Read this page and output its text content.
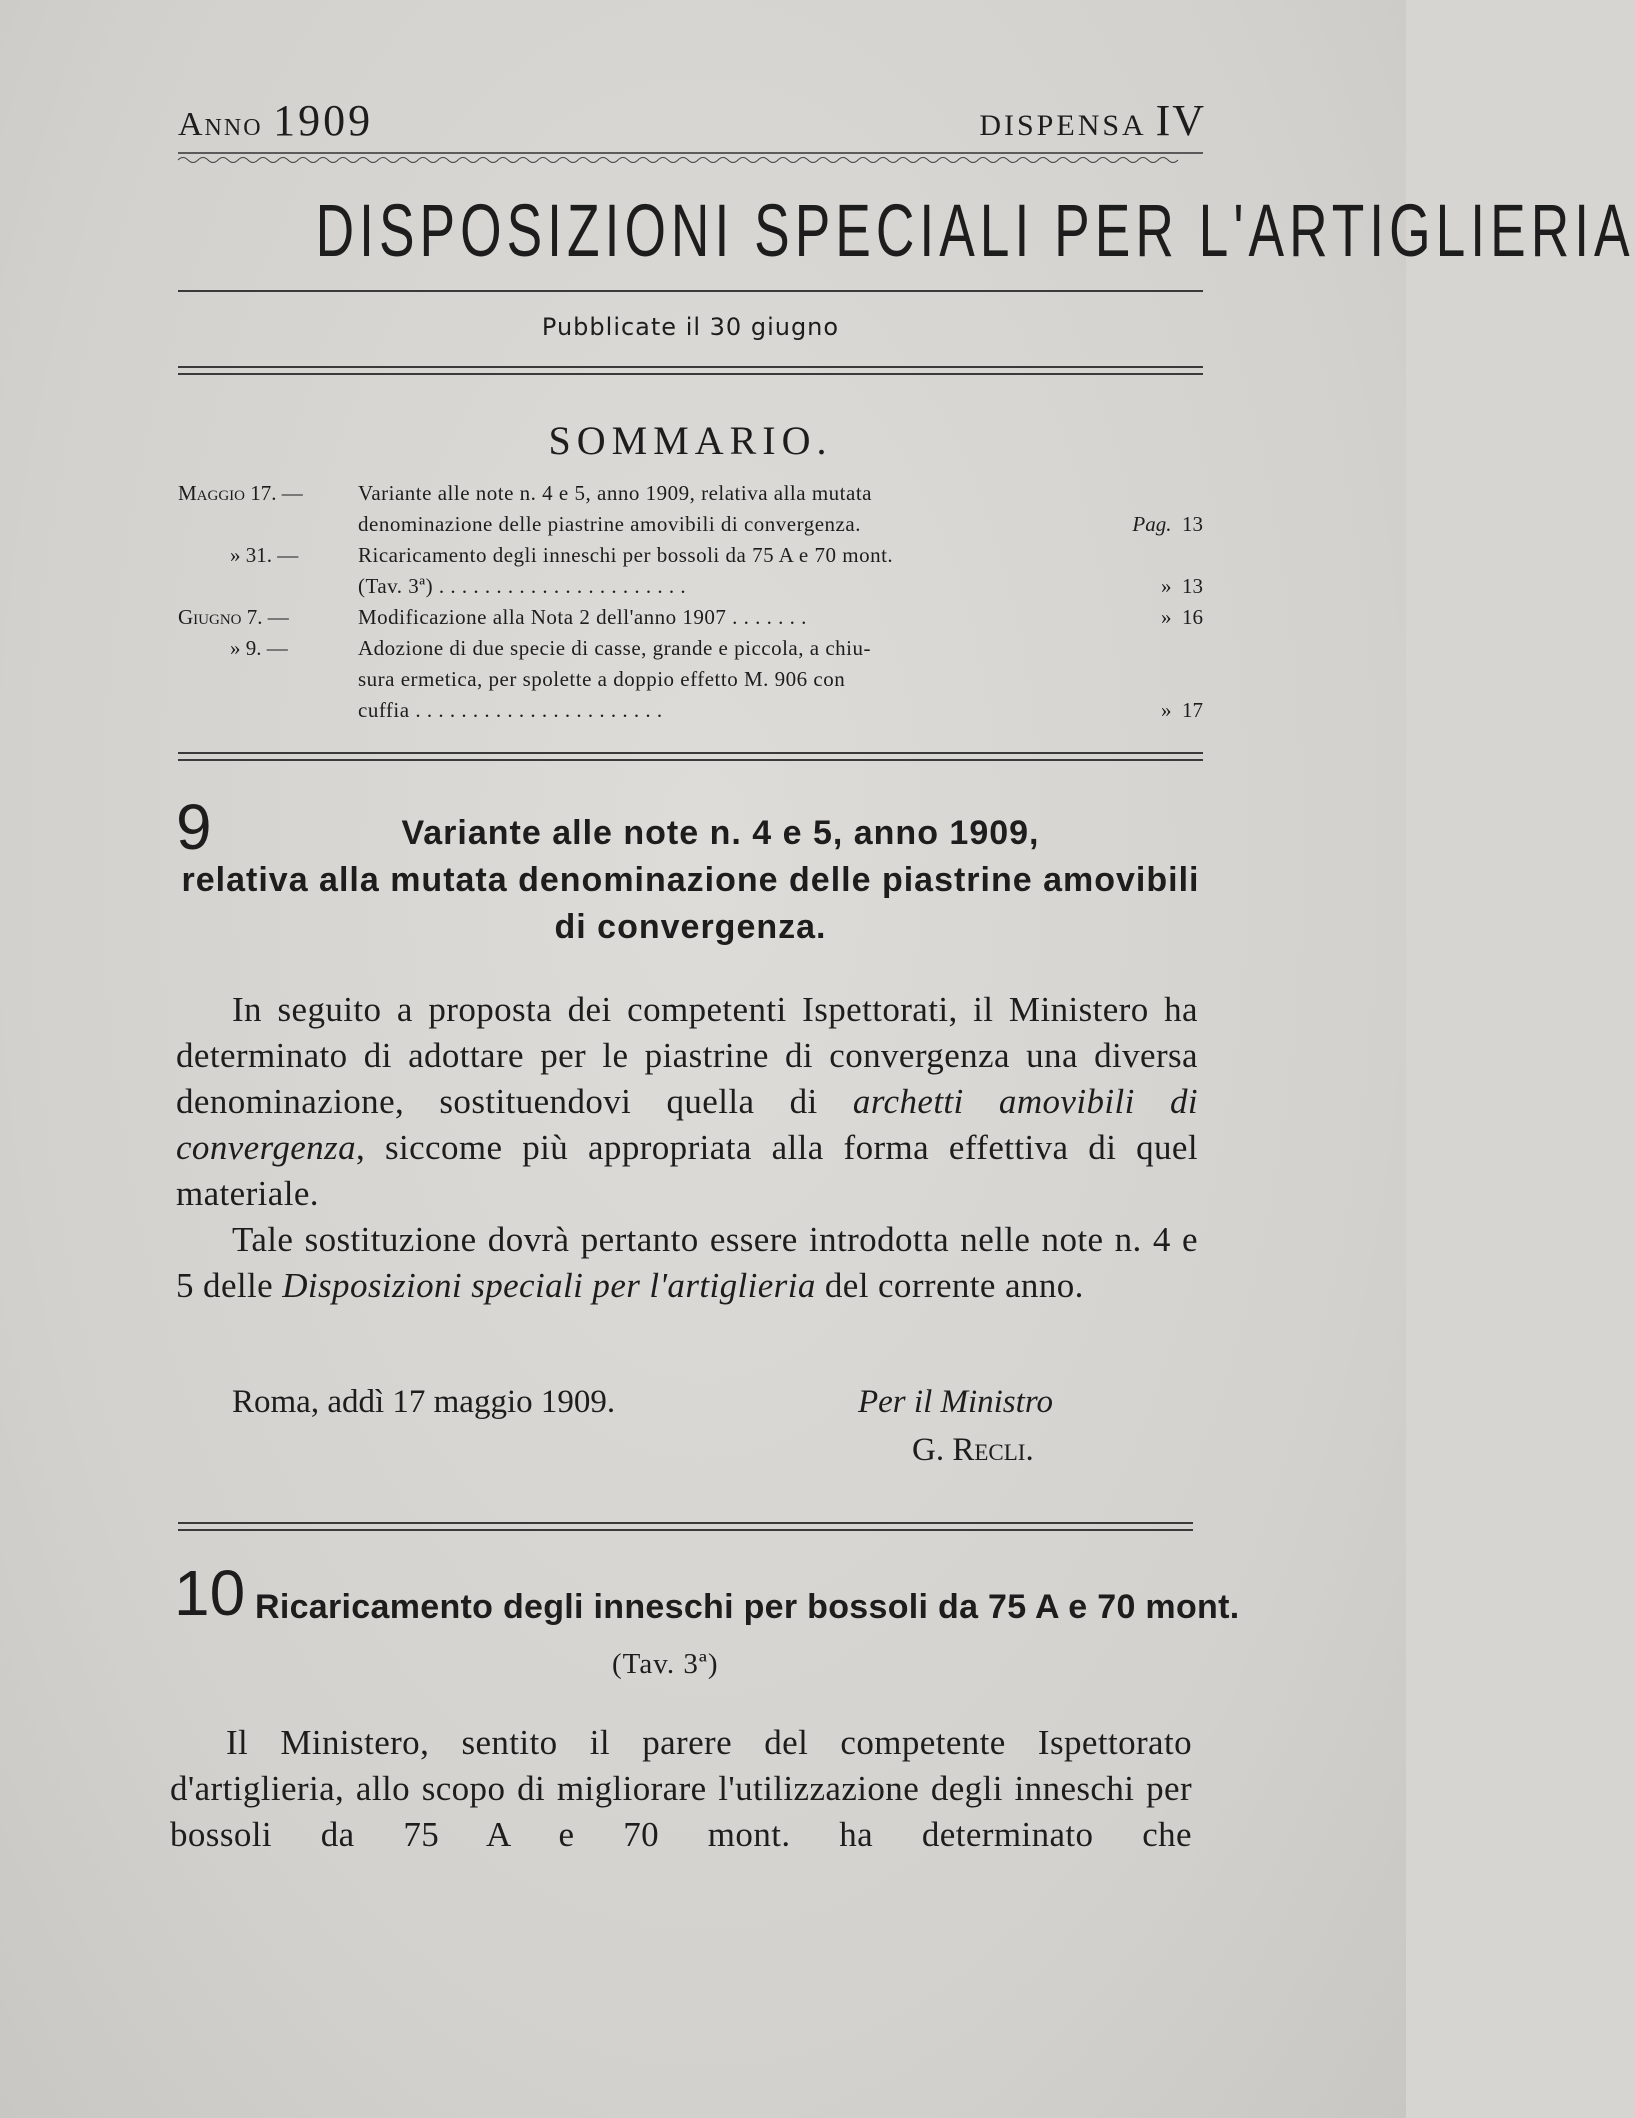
Anno 1909	DISPENSA IV
DISPOSIZIONI SPECIALI PER L'ARTIGLIERIA
Pubblicate il 30 giugno
SOMMARIO.
Maggio 17. —	Variante alle note n. 4 e 5, anno 1909, relativa alla mutata
denominazione delle piastrine amovibili di convergenza.	Pag. 13
» 31. —	Ricaricamento degli inneschi per bossoli da 75 A e 70 mont.
(Tav. 3ª) . . . . . . . . . . . . . . . . . . . . . .	» 13
Giugno 7. —	Modificazione alla Nota 2 dell'anno 1907 . . . . . . .	» 16
» 9. —	Adozione di due specie di casse, grande e piccola, a chiu-
sura ermetica, per spolette a doppio effetto M. 906 con
cuffia . . . . . . . . . . . . . . . . . . . . . .	» 17
9	Variante alle note n. 4 e 5, anno 1909,
relativa alla mutata denominazione delle piastrine amovibili
di convergenza.

In seguito a proposta dei competenti Ispettorati, il Ministero ha determinato di adottare per le piastrine di convergenza una diversa denominazione, sostituendovi quella di archetti amovibili di convergenza, siccome più appropriata alla forma effettiva di quel materiale.

Tale sostituzione dovrà pertanto essere introdotta nelle note n. 4 e 5 delle Disposizioni speciali per l'artiglieria del corrente anno.

Roma, addì 17 maggio 1909.	Per il Ministro
G. Recli.
10 Ricaricamento degli inneschi per bossoli da 75 A e 70 mont.
(Tav. 3ª)

Il Ministero, sentito il parere del competente Ispettorato d'artiglieria, allo scopo di migliorare l'utilizzazione degli inneschi per bossoli da 75 A e 70 mont. ha determinato che
